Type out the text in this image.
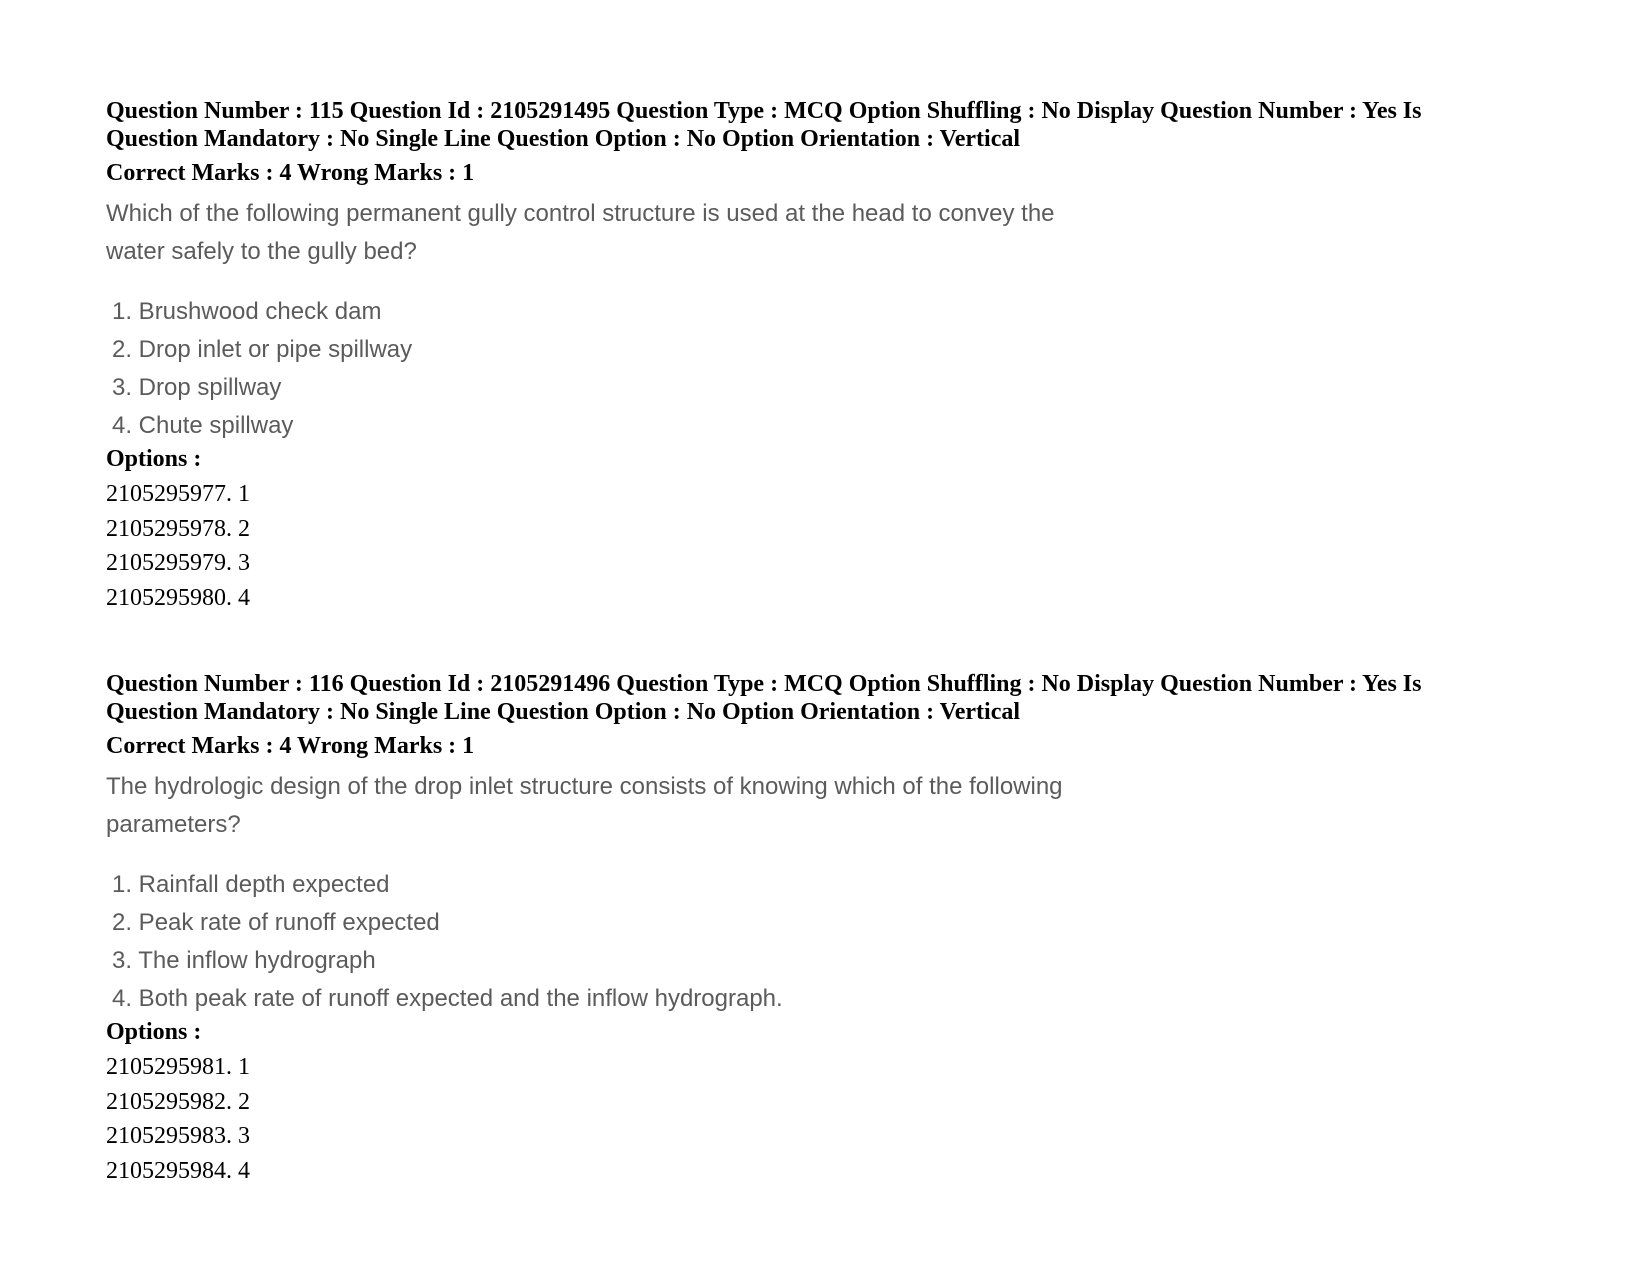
Question Number : 115 Question Id : 2105291495 Question Type : MCQ Option Shuffling : No Display Question Number : Yes Is
Question Mandatory : No Single Line Question Option : No Option Orientation : Vertical
Correct Marks : 4 Wrong Marks : 1
Which of the following permanent gully control structure is used at the head to convey the
water safely to the gully bed?
1. Brushwood check dam
2. Drop inlet or pipe spillway
3. Drop spillway
4. Chute spillway
Options :
2105295977. 1
2105295978. 2
2105295979. 3
2105295980. 4
Question Number : 116 Question Id : 2105291496 Question Type : MCQ Option Shuffling : No Display Question Number : Yes Is
Question Mandatory : No Single Line Question Option : No Option Orientation : Vertical
Correct Marks : 4 Wrong Marks : 1
The hydrologic design of the drop inlet structure consists of knowing which of the following
parameters?
1. Rainfall depth expected
2. Peak rate of runoff expected
3. The inflow hydrograph
4. Both peak rate of runoff expected and the inflow hydrograph.
Options :
2105295981. 1
2105295982. 2
2105295983. 3
2105295984. 4
